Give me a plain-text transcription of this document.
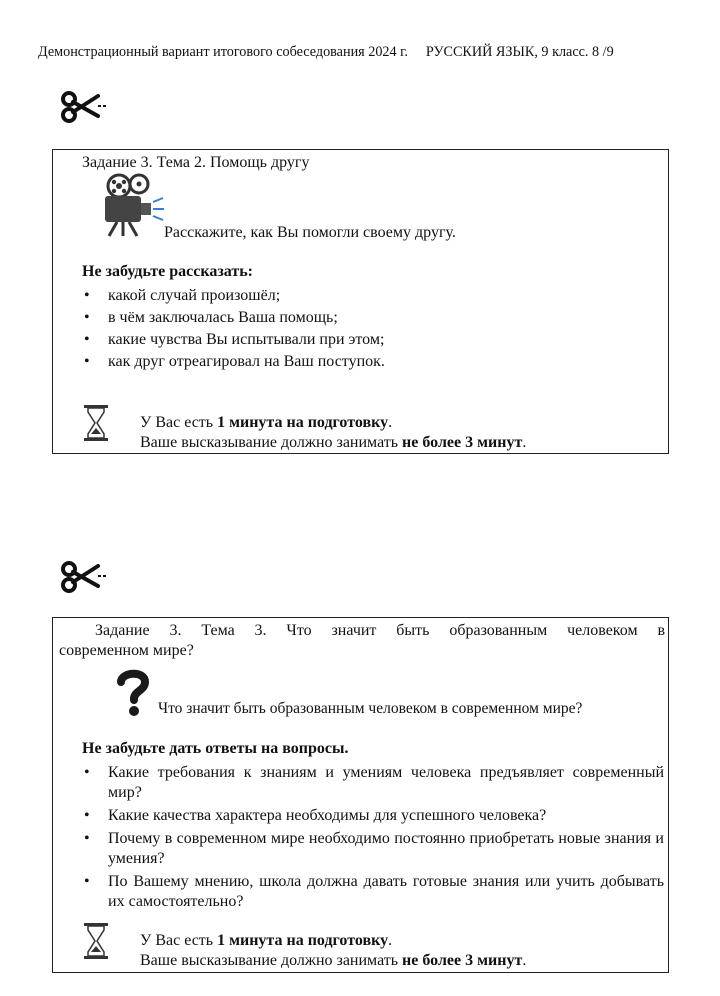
Демонстрационный вариант итогового собеседования 2024 г. РУССКИЙ ЯЗЫК, 9 класс. 8 /9
Задание 3. Тема 2. Помощь другу
Расскажите, как Вы помогли своему другу.
Не забудьте рассказать:
• какой случай произошёл;
• в чём заключалась Ваша помощь;
• какие чувства Вы испытывали при этом;
• как друг отреагировал на Ваш поступок.
У Вас есть 1 минута на подготовку.
Ваше высказывание должно занимать не более 3 минут.
Задание 3. Тема 3. Что значит быть образованным человеком в
современном мире?
Что значит быть образованным человеком в современном мире?
Не забудьте дать ответы на вопросы.
• Какие требования к знаниям и умениям человека предъявляет современный мир?
• Какие качества характера необходимы для успешного человека?
• Почему в современном мире необходимо постоянно приобретать новые знания и умения?
• По Вашему мнению, школа должна давать готовые знания или учить добывать их самостоятельно?
У Вас есть 1 минута на подготовку.
Ваше высказывание должно занимать не более 3 минут.
